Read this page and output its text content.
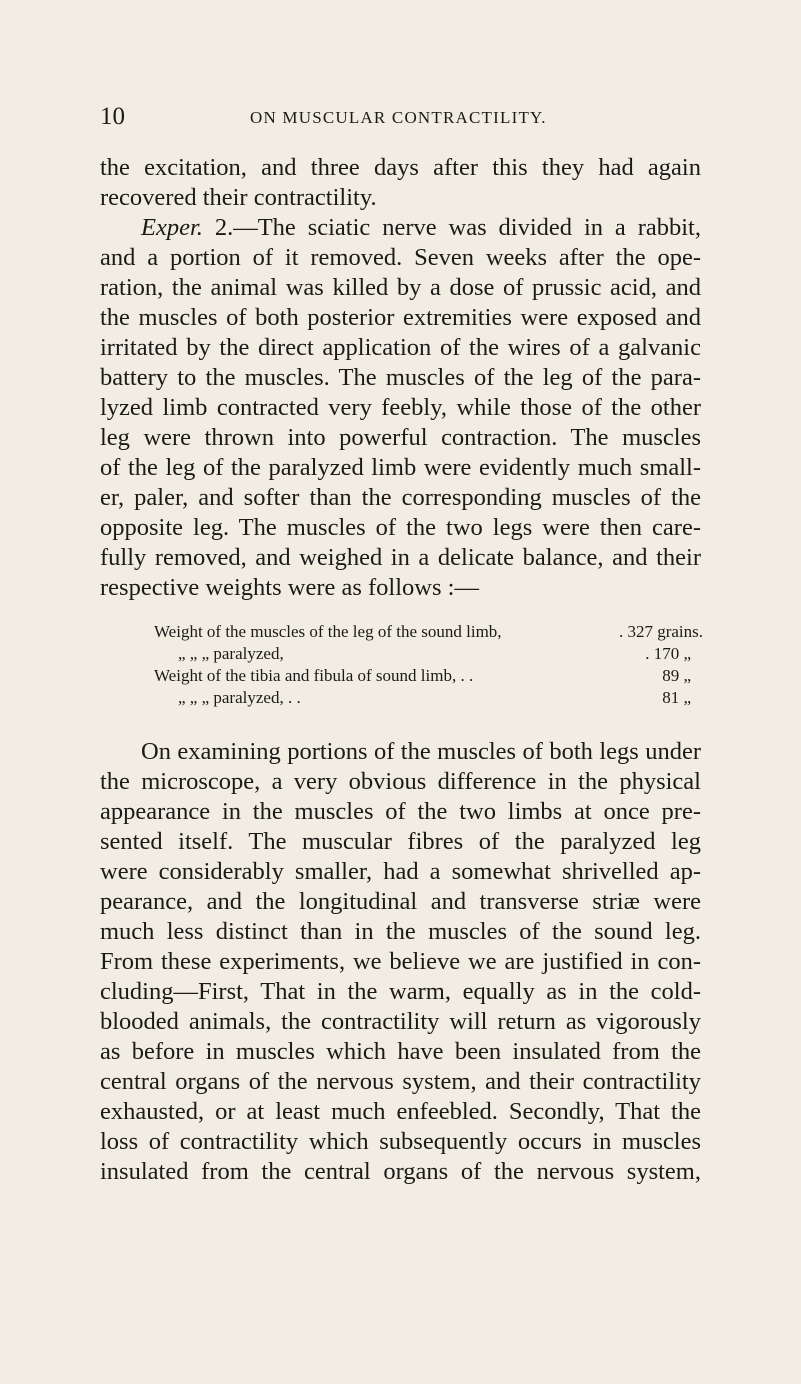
10	ON MUSCULAR CONTRACTILITY.
the excitation, and three days after this they had again
recovered their contractility.
Exper. 2.—The sciatic nerve was divided in a rabbit,
and a portion of it removed. Seven weeks after the ope-
ration, the animal was killed by a dose of prussic acid, and
the muscles of both posterior extremities were exposed and
irritated by the direct application of the wires of a galvanic
battery to the muscles. The muscles of the leg of the para-
lyzed limb contracted very feebly, while those of the other
leg were thrown into powerful contraction. The muscles
of the leg of the paralyzed limb were evidently much small-
er, paler, and softer than the corresponding muscles of the
opposite leg. The muscles of the two legs were then care-
fully removed, and weighed in a delicate balance, and their
respective weights were as follows :—
Weight of the muscles of the leg of the sound limb,	. 327 grains.
„ „ „ paralyzed,	. 170 „
Weight of the tibia and fibula of sound limb, . .	89 „
„ „ „ paralyzed, . .	81 „
On examining portions of the muscles of both legs under
the microscope, a very obvious difference in the physical
appearance in the muscles of the two limbs at once pre-
sented itself. The muscular fibres of the paralyzed leg
were considerably smaller, had a somewhat shrivelled ap-
pearance, and the longitudinal and transverse striæ were
much less distinct than in the muscles of the sound leg.
From these experiments, we believe we are justified in con-
cluding—First, That in the warm, equally as in the cold-
blooded animals, the contractility will return as vigorously
as before in muscles which have been insulated from the
central organs of the nervous system, and their contractility
exhausted, or at least much enfeebled. Secondly, That the
loss of contractility which subsequently occurs in muscles
insulated from the central organs of the nervous system,
